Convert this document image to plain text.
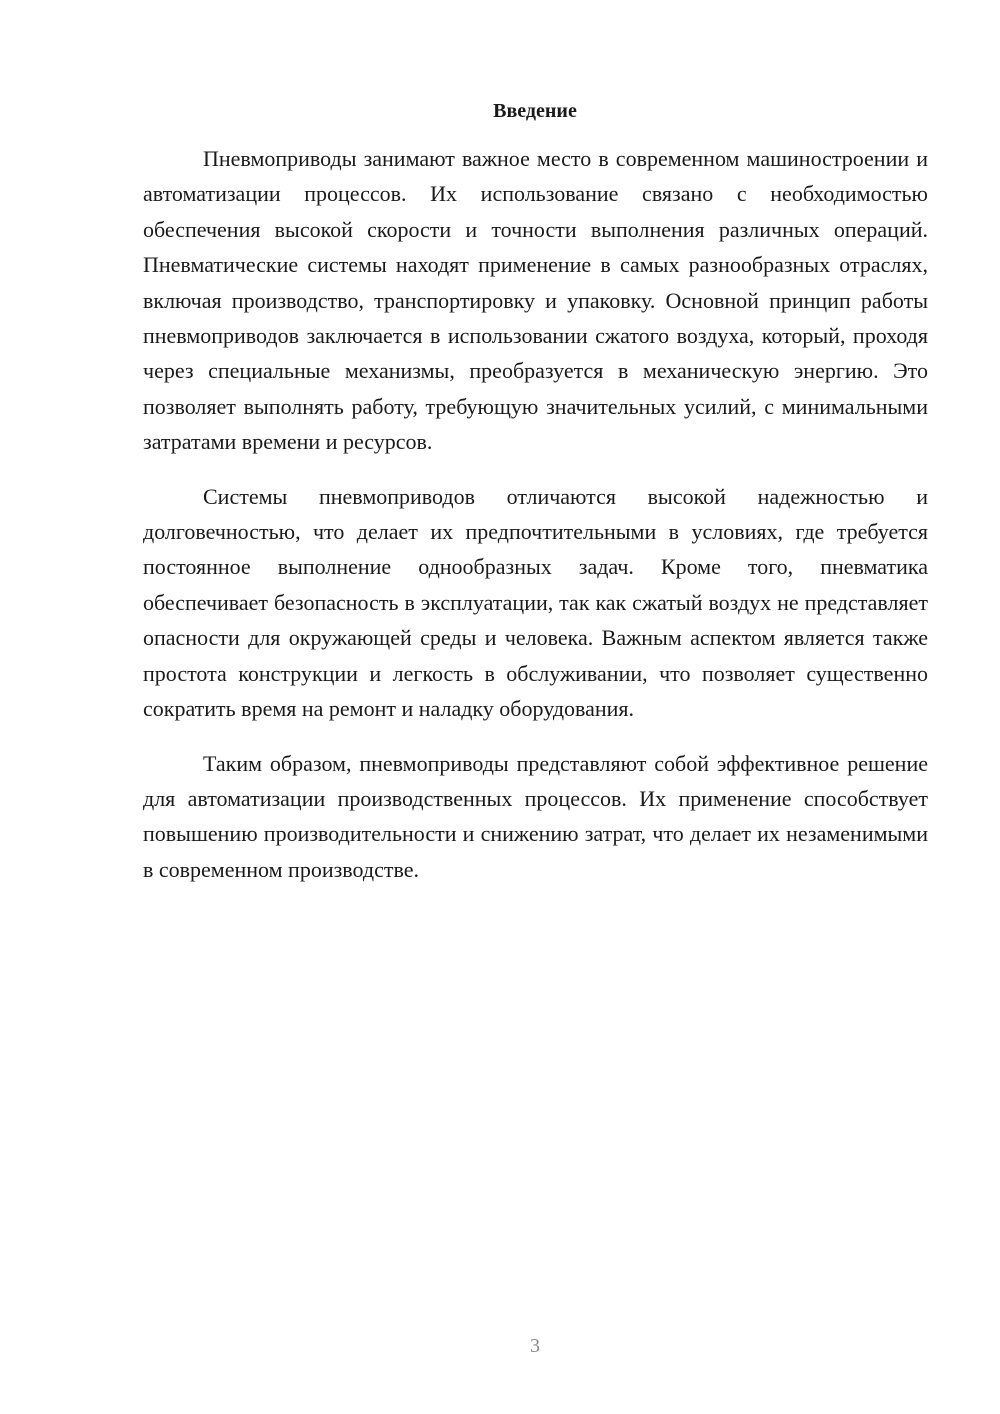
Введение

Пневмоприводы занимают важное место в современном машиностроении и автоматизации процессов. Их использование связано с необходимостью обеспечения высокой скорости и точности выполнения различных операций. Пневматические системы находят применение в самых разнообразных отраслях, включая производство, транспортировку и упаковку. Основной принцип работы пневмоприводов заключается в использовании сжатого воздуха, который, проходя через специальные механизмы, преобразуется в механическую энергию. Это позволяет выполнять работу, требующую значительных усилий, с минимальными затратами времени и ресурсов.

Системы пневмоприводов отличаются высокой надежностью и долговечностью, что делает их предпочтительными в условиях, где требуется постоянное выполнение однообразных задач. Кроме того, пневматика обеспечивает безопасность в эксплуатации, так как сжатый воздух не представляет опасности для окружающей среды и человека. Важным аспектом является также простота конструкции и легкость в обслуживании, что позволяет существенно сократить время на ремонт и наладку оборудования.

Таким образом, пневмоприводы представляют собой эффективное решение для автоматизации производственных процессов. Их применение способствует повышению производительности и снижению затрат, что делает их незаменимыми в современном производстве.

3
